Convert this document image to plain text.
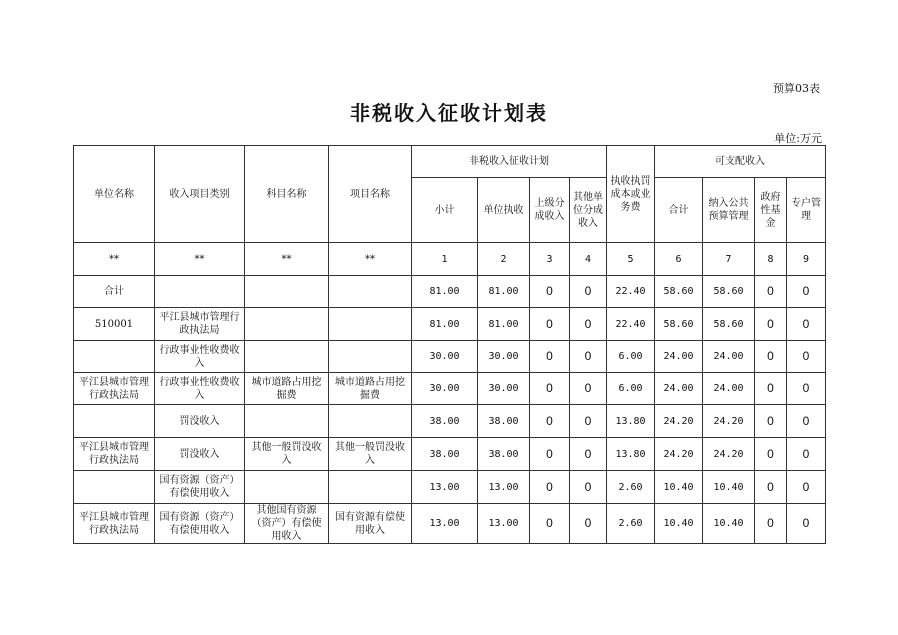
预算03表
非税收入征收计划表
单位:万元
单位名称	收入项目类别	科目名称	项目名称	非税收入征收计划				执收执罚成本或业务费	可支配收入			
				小计	单位执收	上级分成收入	其他单位分成收入		合计	纳入公共预算管理	政府性基金	专户管理
**	**	**	**	1	2	3	4	5	6	7	8	9
合计				81.00	81.00	0	0	22.40	58.60	58.60	0	0
510001	平江县城市管理行政执法局			81.00	81.00	0	0	22.40	58.60	58.60	0	0
	行政事业性收费收入			30.00	30.00	0	0	6.00	24.00	24.00	0	0
平江县城市管理行政执法局	行政事业性收费收入	城市道路占用挖掘费	城市道路占用挖掘费	30.00	30.00	0	0	6.00	24.00	24.00	0	0
	罚没收入			38.00	38.00	0	0	13.80	24.20	24.20	0	0
平江县城市管理行政执法局	罚没收入	其他一般罚没收入	其他一般罚没收入	38.00	38.00	0	0	13.80	24.20	24.20	0	0
	国有资源（资产）有偿使用收入			13.00	13.00	0	0	2.60	10.40	10.40	0	0
平江县城市管理行政执法局	国有资源（资产）有偿使用收入	其他国有资源（资产）有偿使用收入	国有资源有偿使用收入	13.00	13.00	0	0	2.60	10.40	10.40	0	0
